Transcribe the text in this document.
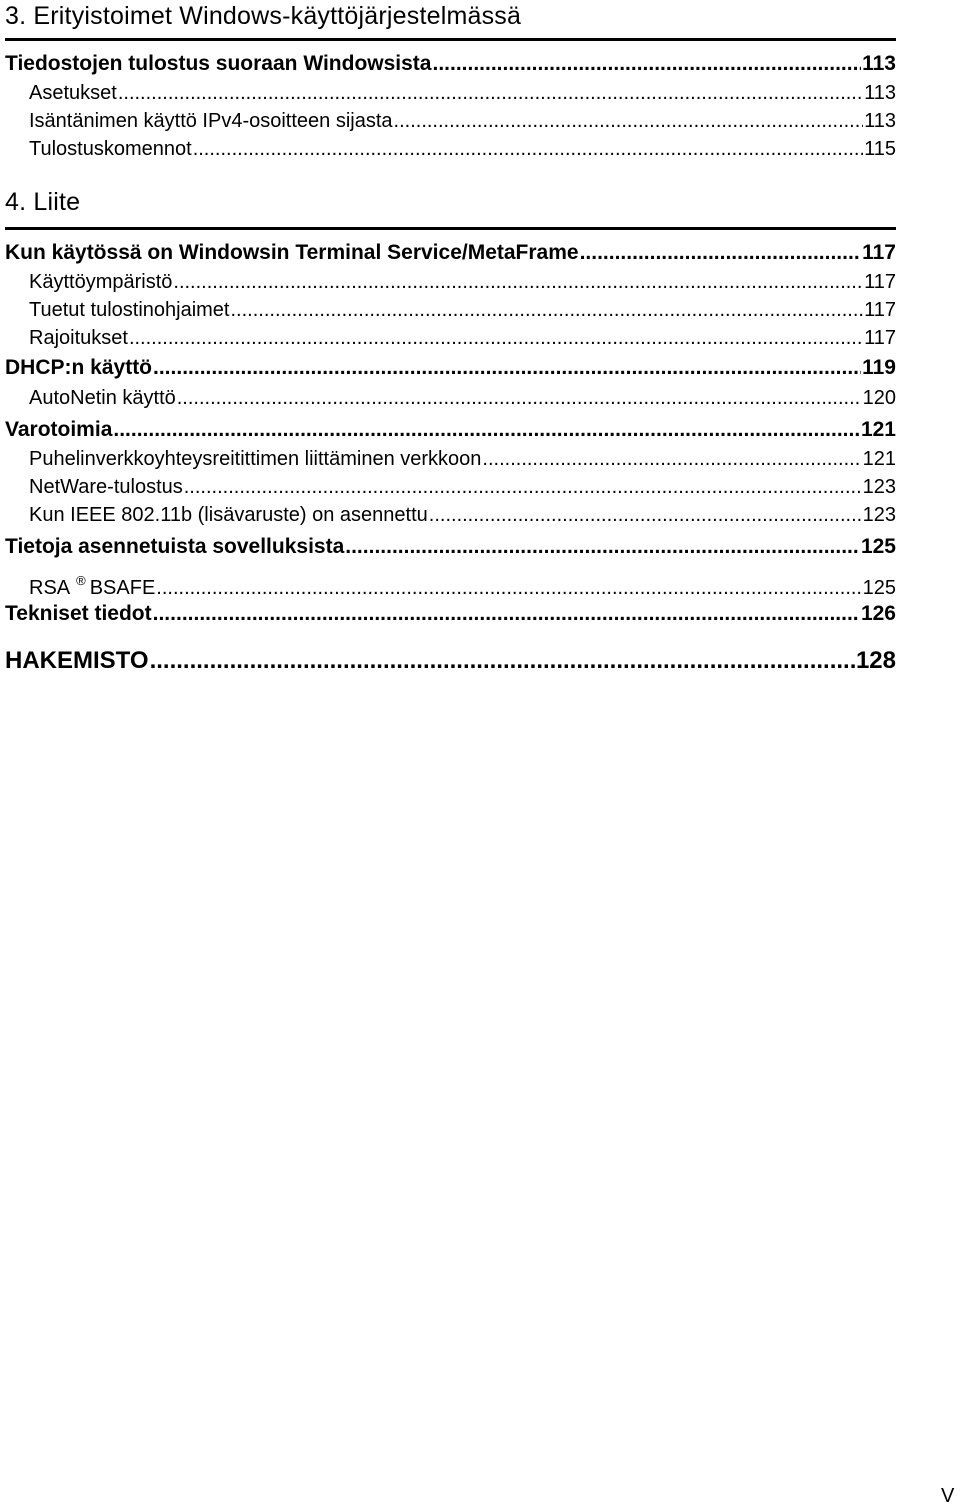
3. Erityistoimet Windows-käyttöjärjestelmässä
Tiedostojen tulostus suoraan Windowsista .....	113
Asetukset .....	113
Isäntänimen käyttö IPv4-osoitteen sijasta .....	113
Tulostuskomennot .....	115
4. Liite
Kun käytössä on Windowsin Terminal Service/MetaFrame .....	117
Käyttöympäristö .....	117
Tuetut tulostinohjaimet .....	117
Rajoitukset .....	117
DHCP:n käyttö .....	119
AutoNetin käyttö .....	120
Varotoimia .....	121
Puhelinverkkoyhteysreitittimen liittäminen verkkoon .....	121
NetWare-tulostus .....	123
Kun IEEE 802.11b (lisävaruste) on asennettu .....	123
Tietoja asennetuista sovelluksista .....	125
RSA ® BSAFE .....	125
Tekniset tiedot .....	126
HAKEMISTO .....	128
V
